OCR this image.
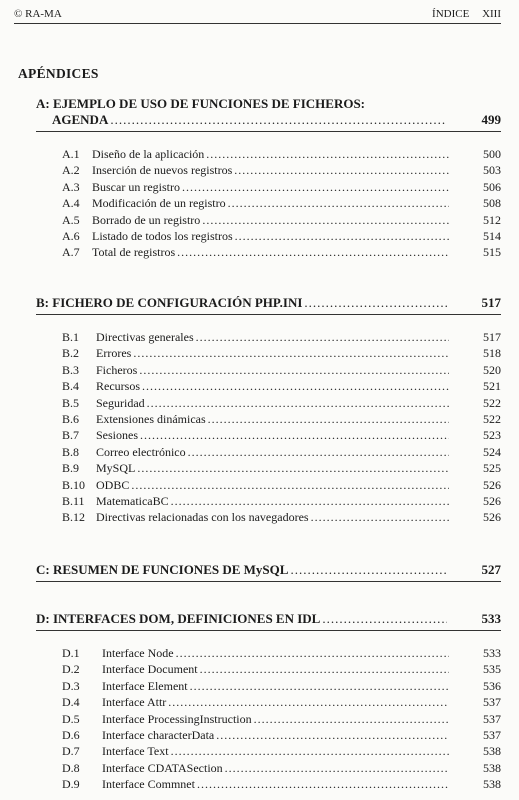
© RA-MA	ÍNDICE XIII
APÉNDICES
A: EJEMPLO DE USO DE FUNCIONES DE FICHEROS:
AGENDA .....	499
A.1	Diseño de la aplicación .....	500
A.2	Inserción de nuevos registros .....	503
A.3	Buscar un registro .....	506
A.4	Modificación de un registro .....	508
A.5	Borrado de un registro .....	512
A.6	Listado de todos los registros .....	514
A.7	Total de registros .....	515
B: FICHERO DE CONFIGURACIÓN PHP.INI .....	517
B.1	Directivas generales .....	517
B.2	Errores .....	518
B.3	Ficheros .....	520
B.4	Recursos .....	521
B.5	Seguridad .....	522
B.6	Extensiones dinámicas .....	522
B.7	Sesiones .....	523
B.8	Correo electrónico .....	524
B.9	MySQL .....	525
B.10 ODBC .....	526
B.11 MatematicaBC .....	526
B.12 Directivas relacionadas con los navegadores .....	526
C: RESUMEN DE FUNCIONES DE MySQL .....	527
D: INTERFACES DOM, DEFINICIONES EN IDL .....	533
D.1	Interface Node .....	533
D.2	Interface Document .....	535
D.3	Interface Element .....	536
D.4	Interface Attr .....	537
D.5	Interface ProcessingInstruction .....	537
D.6	Interface characterData .....	537
D.7	Interface Text .....	538
D.8	Interface CDATASection .....	538
D.9	Interface Commnet .....	538
